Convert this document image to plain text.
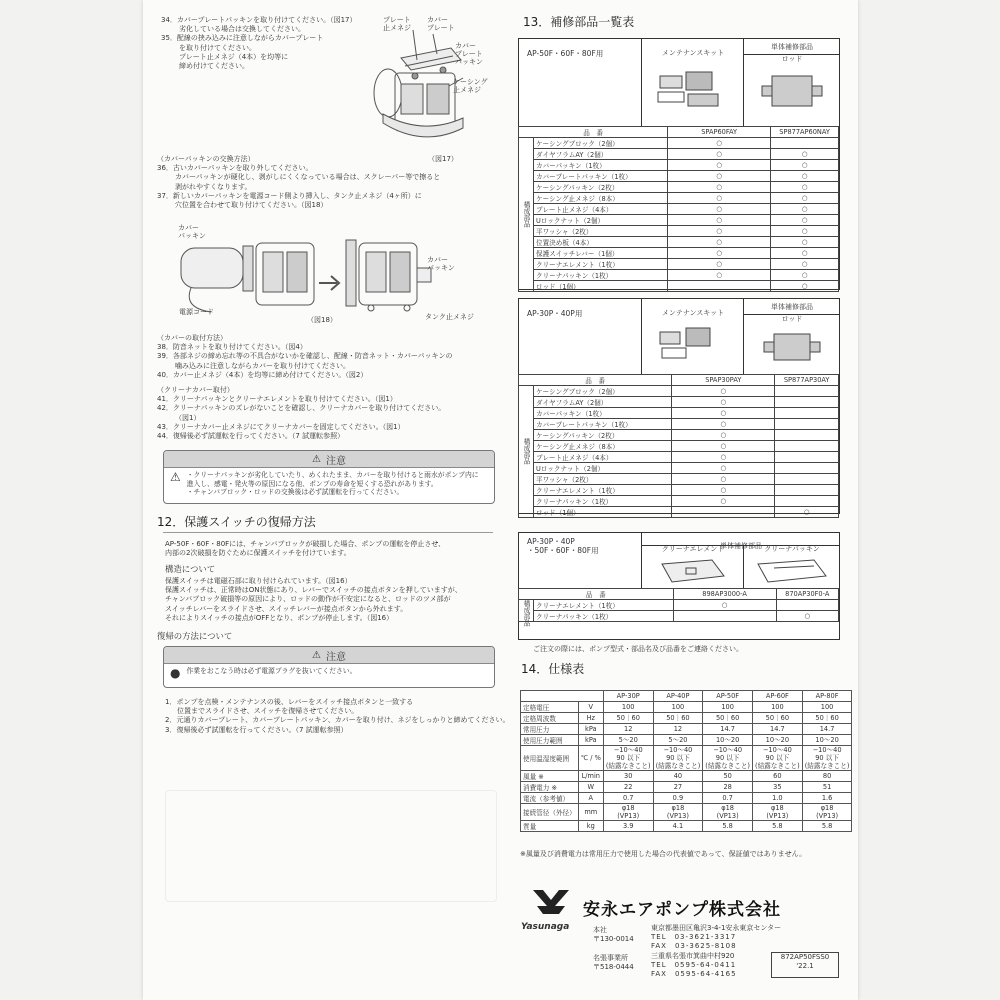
34．カバープレートパッキンを取り付けてください。（図17）
劣化している場合は交換してください。
35．配線の挟み込みに注意しながらカバープレート
を取り付けてください。
プレート止メネジ（4本）を均等に
締め付けてください。
プレート
止メネジ
カバー
プレート
カバー
プレート
パッキン
ケーシング
止メネジ
（図17）
（カバーパッキンの交換方法）
36．古いカバーパッキンを取り外してください。
カバーパッキンが硬化し、剥がしにくくなっている場合は、スクレーパー等で擦ると
剥がれやすくなります。
37．新しいカバーパッキンを電源コード側より挿入し、タンク止メネジ（4ヶ所）に
穴位置を合わせて取り付けてください。（図18）
カバー
パッキン
電源コード
カバー
パッキン
タンク止メネジ
（図18）
（カバーの取付方法）
38．防音ネットを取り付けてください。（図4）
39．各部ネジの締め忘れ等の不具合がないかを確認し、配線・防音ネット・カバーパッキンの
噛み込みに注意しながらカバーを取り付けてください。
40．カバー止メネジ（4本）を均等に締め付けてください。（図2）
（クリーナカバー取付）
41．クリーナパッキンとクリーナエレメントを取り付けてください。（図1）
42．クリーナパッキンのズレがないことを確認し、クリーナカバーを取り付けてください。
（図1）
43．クリーナカバー止メネジにてクリーナカバーを固定してください。（図1）
44．復帰後必ず試運転を行ってください。（7 試運転参照）
⚠ 注意
⚠ ・クリーナパッキンが劣化していたり、めくれたまま、カバーを取り付けると雨水がポンプ内に
進入し、感電・発火等の原因になる他、ポンプの寿命を短くする恐れがあります。
・チャンバブロック・ロッドの交換後は必ず試運転を行ってください。
12．保護スイッチの復帰方法
AP-50F・60F・80Fには、チャンバブロックが破損した場合、ポンプの運転を停止させ、
内部の2次破損を防ぐために保護スイッチを付けています。
構造について
保護スイッチは電磁石部に取り付けられています。（図16）
保護スイッチは、正常時はON状態にあり、レバーでスイッチの接点ボタンを押していますが、
チャンバブロック破損等の原因により、ロッドの動作が不安定になると、ロッドのツメ部が
スイッチレバーをスライドさせ、スイッチレバーが接点ボタンから外れます。
それによりスイッチの接点がOFFとなり、ポンプが停止します。（図16）
復帰の方法について
⚠ 注意
● 作業をおこなう時は必ず電源プラグを抜いてください。
1．ポンプを点検・メンテナンスの後、レバーをスイッチ接点ボタンと一致する
位置までスライドさせ、スイッチを復帰させてください。
2．元通りカバープレート、カバープレートパッキン、カバーを取り付け、ネジをしっかりと締めてください。
3．復帰後必ず試運転を行ってください。（7 試運転参照）
13．補修部品一覧表
AP-50F・60F・80F用	メンテナンスキット
単体補修部品
ロッド
品　番		SPAP60FAY	SP877AP60NAY
構成部品	ケーシングブロック（2個）	○	
	ダイヤフラムAY（2個）	○	○
	カバーパッキン（1枚）	○	○
	カバープレートパッキン（1枚）	○	○
	ケーシングパッキン（2枚）	○	○
	ケーシング止メネジ（8本）	○	○
	プレート止メネジ（4本）	○	○
	Uロックナット（2個）	○	○
	平ワッシャ（2枚）	○	○
	位置決め板（4本）	○	○
	保護スイッチレバー（1個）	○	○
	クリーナエレメント（1枚）	○	○
	クリーナパッキン（1枚）	○	○
	ロッド（1個）		○
AP-30P・40P用	メンテナンスキット
単体補修部品
ロッド
品　番		SPAP30PAY	SP877AP30AY
構成部品	ケーシングブロック（2個）	○	
	ダイヤフラムAY（2個）	○	
	カバーパッキン（1枚）	○	
	カバープレートパッキン（1枚）	○	
	ケーシングパッキン（2枚）	○	
	ケーシング止メネジ（8本）	○	
	プレート止メネジ（4本）	○	
	Uロックナット（2個）	○	
	平ワッシャ（2枚）	○	
	クリーナエレメント（1枚）	○	
	クリーナパッキン（1枚）	○	
	ロッド（1個）		○
AP-30P・40P
・50F・60F・80F用
単体補修部品
クリーナエレメント	クリーナパッキン
品　番		898AP3000-A	870AP30F0-A
構成部品	クリーナエレメント（1枚）	○	
	クリーナパッキン（1枚）		○
ご注文の際には、ポンプ型式・部品名及び品番をご連絡ください。
14．仕様表
		AP-30P	AP-40P	AP-50F	AP-60F	AP-80F
定格電圧	V	100	100	100	100	100
定格周波数	Hz	50｜60	50｜60	50｜60	50｜60	50｜60
常用圧力	kPa	12	12	14.7	14.7	14.7
使用圧力範囲	kPa	5〜20	5〜20	10〜20	10〜20	10〜20
使用温湿度範囲	℃ / %	−10〜40
90 以下
(結露なきこと)	−10〜40
90 以下
(結露なきこと)	−10〜40
90 以下
(結露なきこと)	−10〜40
90 以下
(結露なきこと)	−10〜40
90 以下
(結露なきこと)
風量 ※	L/min	30	40	50	60	80
消費電力 ※	W	22	27	28	35	51
電流（参考値）	A	0.7	0.9	0.7	1.0	1.6
接続管径（外径）	mm	φ18
(VP13)	φ18
(VP13)	φ18
(VP13)	φ18
(VP13)	φ18
(VP13)
質量	kg	3.9	4.1	5.8	5.8	5.8
※風量及び消費電力は常用圧力で使用した場合の代表値であって、保証値ではありません。
Yasunaga
安永エアポンプ株式会社
本社
〒130-0014
東京都墨田区亀沢3-4-1安永東京センター
TEL　03-3621-3317
FAX　03-3625-8108
三重県名張市箕曲中村920
TEL　0595-64-0411
FAX　0595-64-4165
名張事業所
〒518-0444
872AP50FSS0
'22.1
